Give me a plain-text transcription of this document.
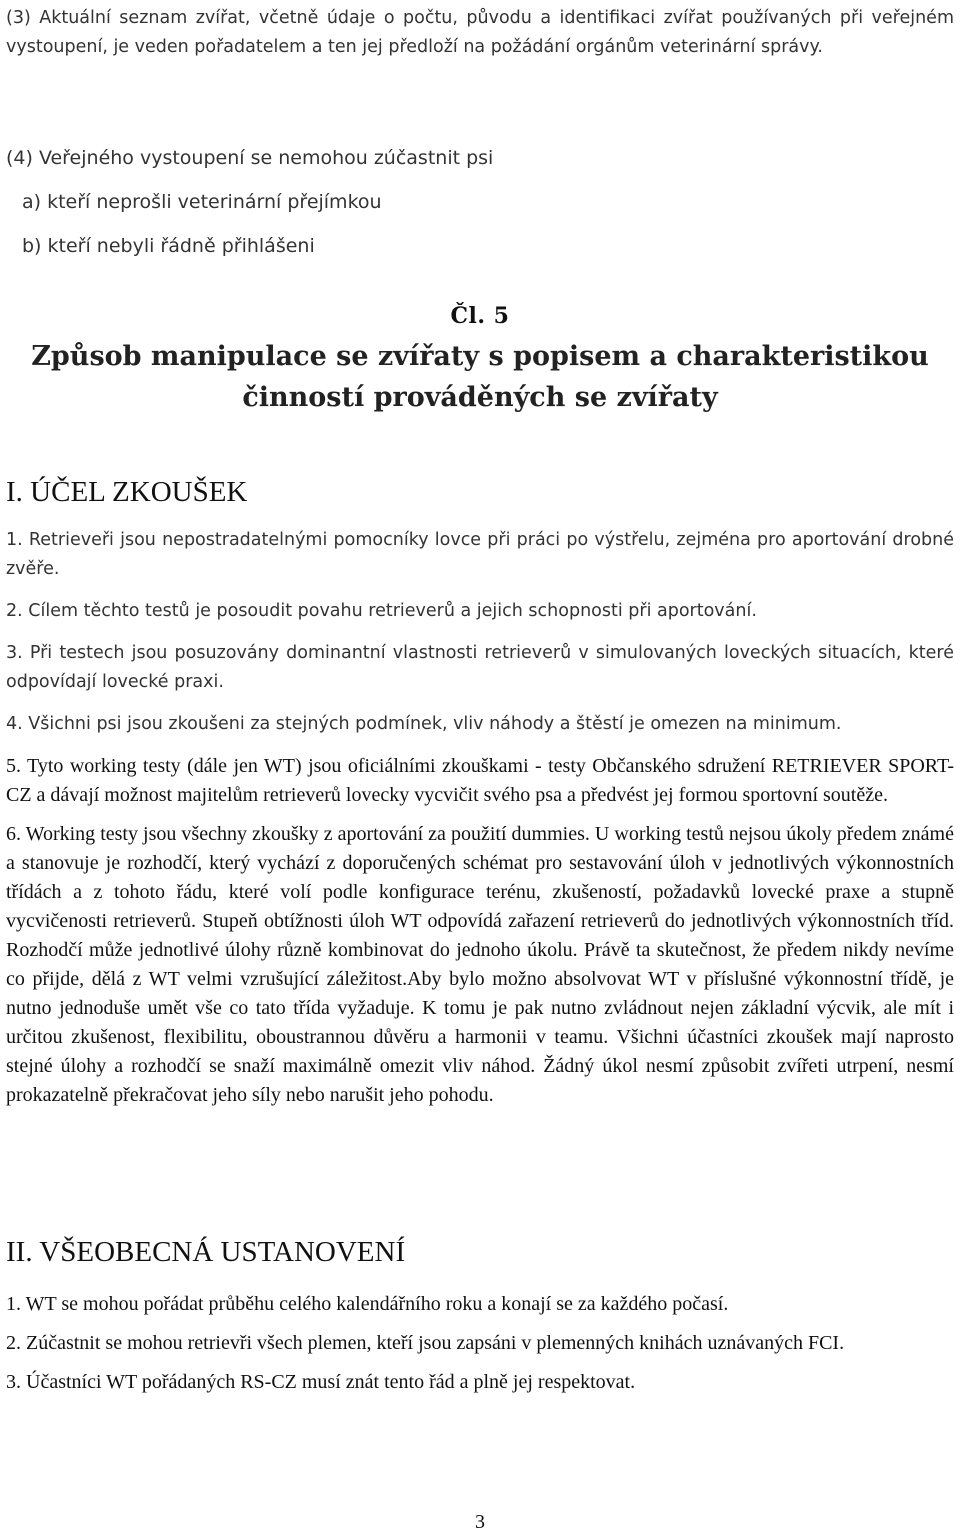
(3) Aktuální seznam zvířat, včetně údaje o počtu, původu a identifikaci zvířat používaných při veřejném vystoupení, je veden pořadatelem a ten jej předloží na požádání orgánům veterinární správy.

(4) Veřejného vystoupení se nemohou zúčastnit psi
a) kteří neprošli veterinární přejímkou
b) kteří nebyli řádně přihlášeni
Čl. 5
Způsob manipulace se zvířaty s popisem a charakteristikou
činností prováděných se zvířaty
I. ÚČEL ZKOUŠEK

1. Retrieveři jsou nepostradatelnými pomocníky lovce při práci po výstřelu, zejména pro aportování drobné zvěře.

2. Cílem těchto testů je posoudit povahu retrieverů a jejich schopnosti při aportování.

3. Při testech jsou posuzovány dominantní vlastnosti retrieverů v simulovaných loveckých situacích, které odpovídají lovecké praxi.

4. Všichni psi jsou zkoušeni za stejných podmínek, vliv náhody a štěstí je omezen na minimum.

5. Tyto working testy (dále jen WT) jsou oficiálními zkouškami - testy Občanského sdružení RETRIEVER SPORT-CZ a dávají možnost majitelům retrieverů lovecky vycvičit svého psa a předvést jej formou sportovní soutěže.

6. Working testy jsou všechny zkoušky z aportování za použití dummies. U working testů nejsou úkoly předem známé a stanovuje je rozhodčí, který vychází z doporučených schémat pro sestavování úloh v jednotlivých výkonnostních třídách a z tohoto řádu, které volí podle konfigurace terénu, zkušeností, požadavků lovecké praxe a stupně vycvičenosti retrieverů. Stupeň obtížnosti úloh WT odpovídá zařazení retrieverů do jednotlivých výkonnostních tříd. Rozhodčí může jednotlivé úlohy různě kombinovat do jednoho úkolu. Právě ta skutečnost, že předem nikdy nevíme co přijde, dělá z WT velmi vzrušující záležitost.Aby bylo možno absolvovat WT v příslušné výkonnostní třídě, je nutno jednoduše umět vše co tato třída vyžaduje. K tomu je pak nutno zvládnout nejen základní výcvik, ale mít i určitou zkušenost, flexibilitu, oboustrannou důvěru a harmonii v teamu. Všichni účastníci zkoušek mají naprosto stejné úlohy a rozhodčí se snaží maximálně omezit vliv náhod. Žádný úkol nesmí způsobit zvířeti utrpení, nesmí prokazatelně překračovat jeho síly nebo narušit jeho pohodu.

II. VŠEOBECNÁ USTANOVENÍ

1. WT se mohou pořádat průběhu celého kalendářního roku a konají se za každého počasí.

2. Zúčastnit se mohou retrievři všech plemen, kteří jsou zapsáni v plemenných knihách uznávaných FCI.

3. Účastníci WT pořádaných RS-CZ musí znát tento řád a plně jej respektovat.

3
